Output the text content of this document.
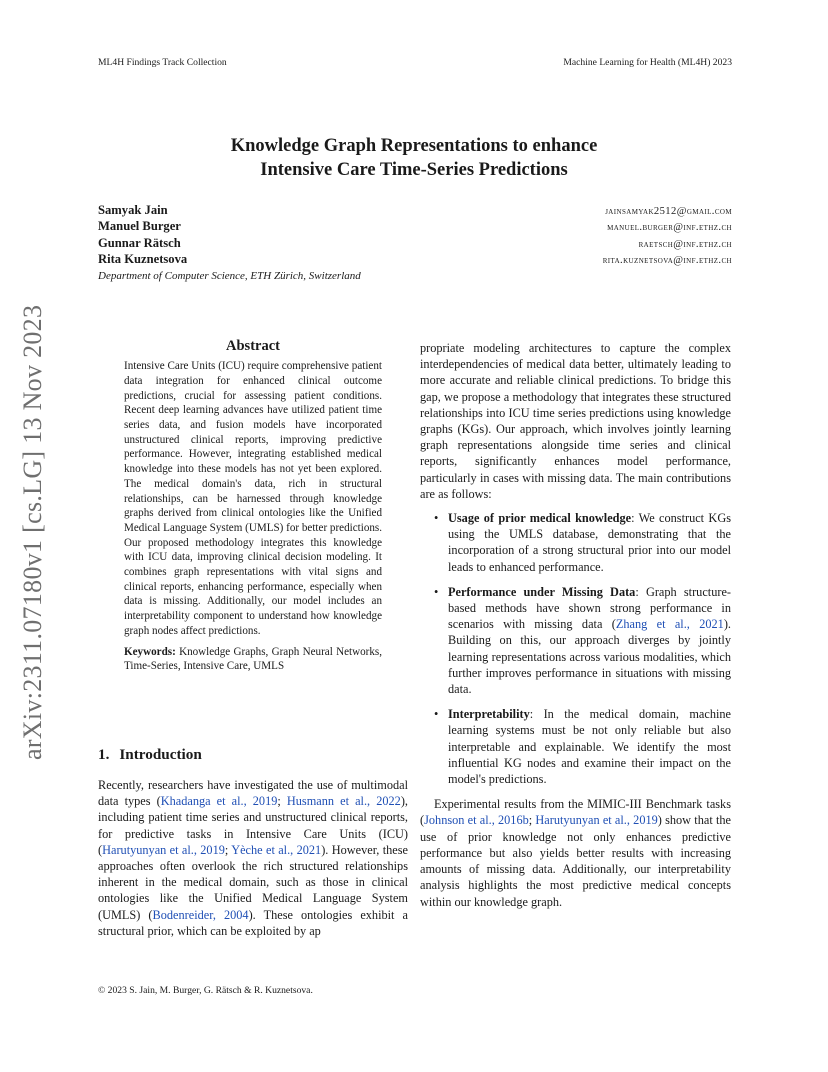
ML4H Findings Track Collection	Machine Learning for Health (ML4H) 2023
arXiv:2311.07180v1 [cs.LG] 13 Nov 2023
Knowledge Graph Representations to enhance
Intensive Care Time-Series Predictions
Samyak Jain	jainsamyak2512@gmail.com
Manuel Burger	manuel.burger@inf.ethz.ch
Gunnar Rätsch	raetsch@inf.ethz.ch
Rita Kuznetsova	rita.kuznetsova@inf.ethz.ch
Department of Computer Science, ETH Zürich, Switzerland
Abstract

Intensive Care Units (ICU) require comprehensive patient data integration for enhanced clinical outcome predictions, crucial for assessing patient conditions. Recent deep learning advances have utilized patient time series data, and fusion models have incorporated unstructured clinical reports, improving predictive performance. However, integrating established medical knowledge into these models has not yet been explored. The medical domain's data, rich in structural relationships, can be harnessed through knowledge graphs derived from clinical ontologies like the Unified Medical Language System (UMLS) for better predictions. Our proposed methodology integrates this knowledge with ICU data, improving clinical decision modeling. It combines graph representations with vital signs and clinical reports, enhancing performance, especially when data is missing. Additionally, our model includes an interpretability component to understand how knowledge graph nodes affect predictions.

Keywords: Knowledge Graphs, Graph Neural Networks, Time-Series, Intensive Care, UMLS

1. Introduction
Recently, researchers have investigated the use of multimodal data types (Khadanga et al., 2019; Husmann et al., 2022), including patient time series and unstructured clinical reports, for predictive tasks in Intensive Care Units (ICU) (Harutyunyan et al., 2019; Yèche et al., 2021). However, these approaches often overlook the rich structured relationships inherent in the medical domain, such as those in clinical ontologies like the Unified Medical Language System (UMLS) (Bodenreider, 2004). These ontologies exhibit a structural prior, which can be exploited by ap

propriate modeling architectures to capture the complex interdependencies of medical data better, ultimately leading to more accurate and reliable clinical predictions. To bridge this gap, we propose a methodology that integrates these structured relationships into ICU time series predictions using knowledge graphs (KGs). Our approach, which involves jointly learning graph representations alongside time series and clinical reports, significantly enhances model performance, particularly in cases with missing data. The main contributions are as follows:

• Usage of prior medical knowledge: We construct KGs using the UMLS database, demonstrating that the incorporation of a strong structural prior into our model leads to enhanced performance.
• Performance under Missing Data: Graph structure-based methods have shown strong performance in scenarios with missing data (Zhang et al., 2021). Building on this, our approach diverges by jointly learning representations across various modalities, which further improves performance in situations with missing data.
• Interpretability: In the medical domain, machine learning systems must be not only reliable but also interpretable and explainable. We identify the most influential KG nodes and examine their impact on the model's predictions.

Experimental results from the MIMIC-III Benchmark tasks (Johnson et al., 2016b; Harutyunyan et al., 2019) show that the use of prior knowledge not only enhances predictive performance but also yields better results with increasing amounts of missing data. Additionally, our interpretability analysis highlights the most predictive medical concepts within our knowledge graph.

© 2023 S. Jain, M. Burger, G. Rätsch & R. Kuznetsova.
